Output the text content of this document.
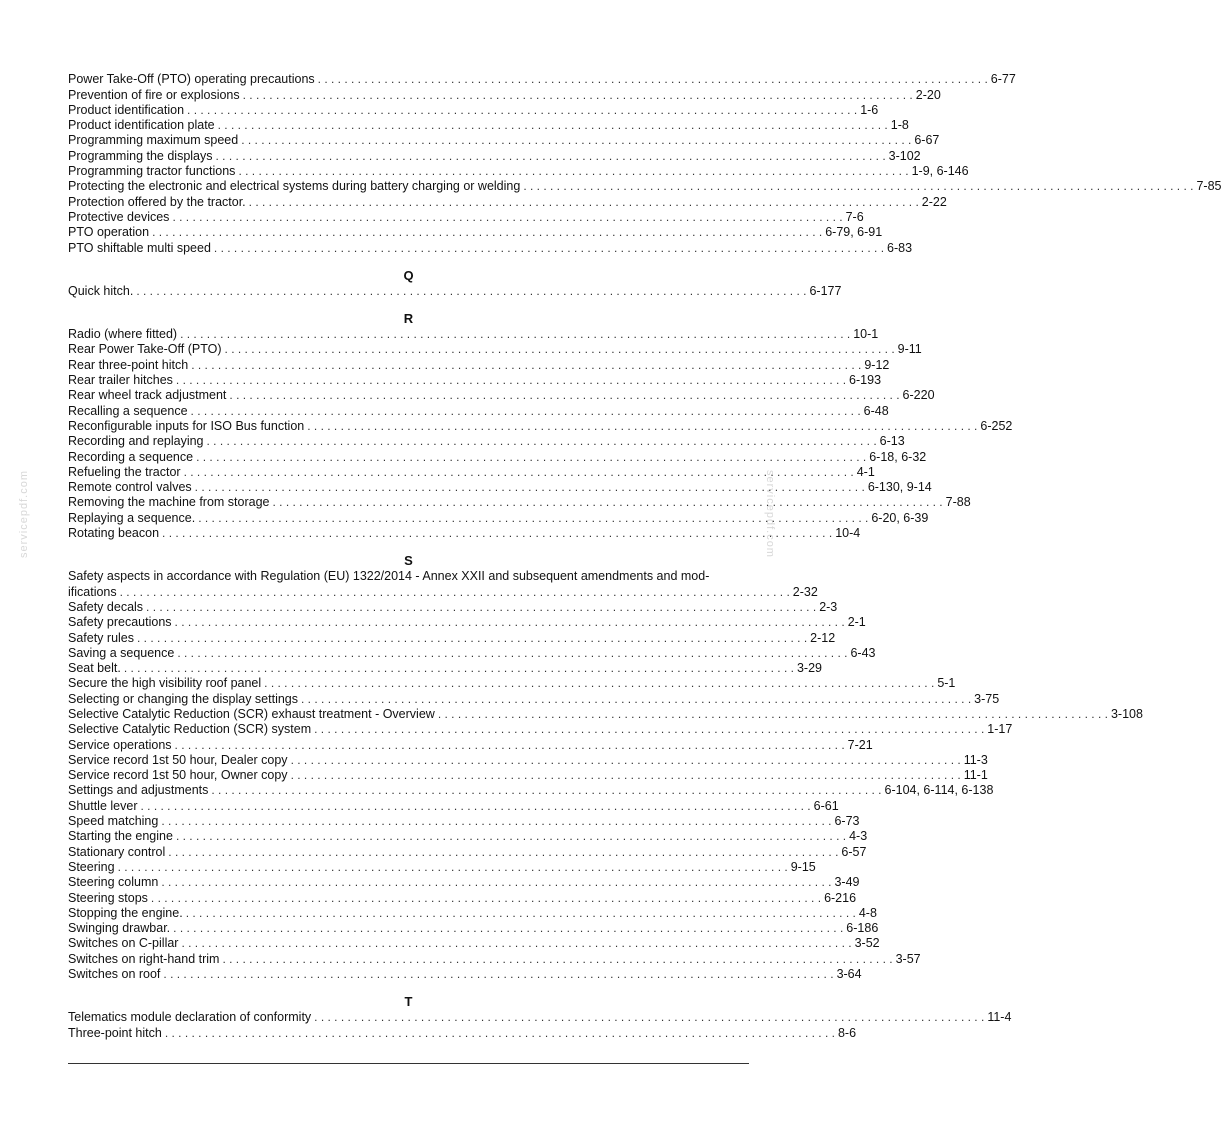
servicepdf.com	servicepdf.com
Power Take-Off (PTO) operating precautions . . . . . . . . . . . . . . . . . . . . . . . . . . . . . . . . . . . . . . . . . . . . . . . . . . . . . . . . . . . . . . . . . . . . . . . . . . . . . . . . . . . . . . . . . . . . . . . . . . . . . 6-77
Prevention of fire or explosions . . . . . . . . . . . . . . . . . . . . . . . . . . . . . . . . . . . . . . . . . . . . . . . . . . . . . . . . . . . . . . . . . . . . . . . . . . . . . . . . . . . . . . . . . . . . . . . . . . . . . 2-20
Product identification . . . . . . . . . . . . . . . . . . . . . . . . . . . . . . . . . . . . . . . . . . . . . . . . . . . . . . . . . . . . . . . . . . . . . . . . . . . . . . . . . . . . . . . . . . . . . . . . . . . . . 1-6
Product identification plate . . . . . . . . . . . . . . . . . . . . . . . . . . . . . . . . . . . . . . . . . . . . . . . . . . . . . . . . . . . . . . . . . . . . . . . . . . . . . . . . . . . . . . . . . . . . . . . . . . . . . 1-8
Programming maximum speed . . . . . . . . . . . . . . . . . . . . . . . . . . . . . . . . . . . . . . . . . . . . . . . . . . . . . . . . . . . . . . . . . . . . . . . . . . . . . . . . . . . . . . . . . . . . . . . . . . . . . 6-67
Programming the displays . . . . . . . . . . . . . . . . . . . . . . . . . . . . . . . . . . . . . . . . . . . . . . . . . . . . . . . . . . . . . . . . . . . . . . . . . . . . . . . . . . . . . . . . . . . . . . . . . . . . . 3-102
Programming tractor functions . . . . . . . . . . . . . . . . . . . . . . . . . . . . . . . . . . . . . . . . . . . . . . . . . . . . . . . . . . . . . . . . . . . . . . . . . . . . . . . . . . . . . . . . . . . . . . . . . . . . . 1-9, 6-146
Protecting the electronic and electrical systems during battery charging or welding . . . . . . . . . . . . . . . . . . . . . . . . . . . . . . . . . . . . . . . . . . . . . . . . . . . . . . . . . . . . . . . . . . . . . . . . . . . . . . . . . . . . . . . . . . . . . . . . . . . . . 7-85
Protection offered by the tractor. . . . . . . . . . . . . . . . . . . . . . . . . . . . . . . . . . . . . . . . . . . . . . . . . . . . . . . . . . . . . . . . . . . . . . . . . . . . . . . . . . . . . . . . . . . . . . . . . . . . . . 2-22
Protective devices . . . . . . . . . . . . . . . . . . . . . . . . . . . . . . . . . . . . . . . . . . . . . . . . . . . . . . . . . . . . . . . . . . . . . . . . . . . . . . . . . . . . . . . . . . . . . . . . . . . . . 7-6
PTO operation . . . . . . . . . . . . . . . . . . . . . . . . . . . . . . . . . . . . . . . . . . . . . . . . . . . . . . . . . . . . . . . . . . . . . . . . . . . . . . . . . . . . . . . . . . . . . . . . . . . . . 6-79, 6-91
PTO shiftable multi speed . . . . . . . . . . . . . . . . . . . . . . . . . . . . . . . . . . . . . . . . . . . . . . . . . . . . . . . . . . . . . . . . . . . . . . . . . . . . . . . . . . . . . . . . . . . . . . . . . . . . . 6-83
Q
Quick hitch. . . . . . . . . . . . . . . . . . . . . . . . . . . . . . . . . . . . . . . . . . . . . . . . . . . . . . . . . . . . . . . . . . . . . . . . . . . . . . . . . . . . . . . . . . . . . . . . . . . . . . 6-177
R
Radio (where fitted) . . . . . . . . . . . . . . . . . . . . . . . . . . . . . . . . . . . . . . . . . . . . . . . . . . . . . . . . . . . . . . . . . . . . . . . . . . . . . . . . . . . . . . . . . . . . . . . . . . . . . 10-1
Rear Power Take-Off (PTO) . . . . . . . . . . . . . . . . . . . . . . . . . . . . . . . . . . . . . . . . . . . . . . . . . . . . . . . . . . . . . . . . . . . . . . . . . . . . . . . . . . . . . . . . . . . . . . . . . . . . . 9-11
Rear three-point hitch . . . . . . . . . . . . . . . . . . . . . . . . . . . . . . . . . . . . . . . . . . . . . . . . . . . . . . . . . . . . . . . . . . . . . . . . . . . . . . . . . . . . . . . . . . . . . . . . . . . . . 9-12
Rear trailer hitches . . . . . . . . . . . . . . . . . . . . . . . . . . . . . . . . . . . . . . . . . . . . . . . . . . . . . . . . . . . . . . . . . . . . . . . . . . . . . . . . . . . . . . . . . . . . . . . . . . . . . 6-193
Rear wheel track adjustment . . . . . . . . . . . . . . . . . . . . . . . . . . . . . . . . . . . . . . . . . . . . . . . . . . . . . . . . . . . . . . . . . . . . . . . . . . . . . . . . . . . . . . . . . . . . . . . . . . . . . 6-220
Recalling a sequence . . . . . . . . . . . . . . . . . . . . . . . . . . . . . . . . . . . . . . . . . . . . . . . . . . . . . . . . . . . . . . . . . . . . . . . . . . . . . . . . . . . . . . . . . . . . . . . . . . . . . 6-48
Reconfigurable inputs for ISO Bus function . . . . . . . . . . . . . . . . . . . . . . . . . . . . . . . . . . . . . . . . . . . . . . . . . . . . . . . . . . . . . . . . . . . . . . . . . . . . . . . . . . . . . . . . . . . . . . . . . . . . . 6-252
Recording and replaying . . . . . . . . . . . . . . . . . . . . . . . . . . . . . . . . . . . . . . . . . . . . . . . . . . . . . . . . . . . . . . . . . . . . . . . . . . . . . . . . . . . . . . . . . . . . . . . . . . . . . 6-13
Recording a sequence . . . . . . . . . . . . . . . . . . . . . . . . . . . . . . . . . . . . . . . . . . . . . . . . . . . . . . . . . . . . . . . . . . . . . . . . . . . . . . . . . . . . . . . . . . . . . . . . . . . . . 6-18, 6-32
Refueling the tractor . . . . . . . . . . . . . . . . . . . . . . . . . . . . . . . . . . . . . . . . . . . . . . . . . . . . . . . . . . . . . . . . . . . . . . . . . . . . . . . . . . . . . . . . . . . . . . . . . . . . . 4-1
Remote control valves . . . . . . . . . . . . . . . . . . . . . . . . . . . . . . . . . . . . . . . . . . . . . . . . . . . . . . . . . . . . . . . . . . . . . . . . . . . . . . . . . . . . . . . . . . . . . . . . . . . . . 6-130, 9-14
Removing the machine from storage . . . . . . . . . . . . . . . . . . . . . . . . . . . . . . . . . . . . . . . . . . . . . . . . . . . . . . . . . . . . . . . . . . . . . . . . . . . . . . . . . . . . . . . . . . . . . . . . . . . . . 7-88
Replaying a sequence. . . . . . . . . . . . . . . . . . . . . . . . . . . . . . . . . . . . . . . . . . . . . . . . . . . . . . . . . . . . . . . . . . . . . . . . . . . . . . . . . . . . . . . . . . . . . . . . . . . . . . 6-20, 6-39
Rotating beacon . . . . . . . . . . . . . . . . . . . . . . . . . . . . . . . . . . . . . . . . . . . . . . . . . . . . . . . . . . . . . . . . . . . . . . . . . . . . . . . . . . . . . . . . . . . . . . . . . . . . . 10-4
S
Safety aspects in accordance with Regulation (EU) 1322/2014 - Annex XXII and subsequent amendments and mod-
ifications . . . . . . . . . . . . . . . . . . . . . . . . . . . . . . . . . . . . . . . . . . . . . . . . . . . . . . . . . . . . . . . . . . . . . . . . . . . . . . . . . . . . . . . . . . . . . . . . . . . . . 2-32
Safety decals . . . . . . . . . . . . . . . . . . . . . . . . . . . . . . . . . . . . . . . . . . . . . . . . . . . . . . . . . . . . . . . . . . . . . . . . . . . . . . . . . . . . . . . . . . . . . . . . . . . . . 2-3
Safety precautions . . . . . . . . . . . . . . . . . . . . . . . . . . . . . . . . . . . . . . . . . . . . . . . . . . . . . . . . . . . . . . . . . . . . . . . . . . . . . . . . . . . . . . . . . . . . . . . . . . . . . 2-1
Safety rules . . . . . . . . . . . . . . . . . . . . . . . . . . . . . . . . . . . . . . . . . . . . . . . . . . . . . . . . . . . . . . . . . . . . . . . . . . . . . . . . . . . . . . . . . . . . . . . . . . . . . 2-12
Saving a sequence . . . . . . . . . . . . . . . . . . . . . . . . . . . . . . . . . . . . . . . . . . . . . . . . . . . . . . . . . . . . . . . . . . . . . . . . . . . . . . . . . . . . . . . . . . . . . . . . . . . . . 6-43
Seat belt. . . . . . . . . . . . . . . . . . . . . . . . . . . . . . . . . . . . . . . . . . . . . . . . . . . . . . . . . . . . . . . . . . . . . . . . . . . . . . . . . . . . . . . . . . . . . . . . . . . . . . 3-29
Secure the high visibility roof panel . . . . . . . . . . . . . . . . . . . . . . . . . . . . . . . . . . . . . . . . . . . . . . . . . . . . . . . . . . . . . . . . . . . . . . . . . . . . . . . . . . . . . . . . . . . . . . . . . . . . . 5-1
Selecting or changing the display settings . . . . . . . . . . . . . . . . . . . . . . . . . . . . . . . . . . . . . . . . . . . . . . . . . . . . . . . . . . . . . . . . . . . . . . . . . . . . . . . . . . . . . . . . . . . . . . . . . . . . . 3-75
Selective Catalytic Reduction (SCR) exhaust treatment - Overview . . . . . . . . . . . . . . . . . . . . . . . . . . . . . . . . . . . . . . . . . . . . . . . . . . . . . . . . . . . . . . . . . . . . . . . . . . . . . . . . . . . . . . . . . . . . . . . . . . . . . 3-108
Selective Catalytic Reduction (SCR) system . . . . . . . . . . . . . . . . . . . . . . . . . . . . . . . . . . . . . . . . . . . . . . . . . . . . . . . . . . . . . . . . . . . . . . . . . . . . . . . . . . . . . . . . . . . . . . . . . . . . . 1-17
Service operations . . . . . . . . . . . . . . . . . . . . . . . . . . . . . . . . . . . . . . . . . . . . . . . . . . . . . . . . . . . . . . . . . . . . . . . . . . . . . . . . . . . . . . . . . . . . . . . . . . . . . 7-21
Service record 1st 50 hour, Dealer copy . . . . . . . . . . . . . . . . . . . . . . . . . . . . . . . . . . . . . . . . . . . . . . . . . . . . . . . . . . . . . . . . . . . . . . . . . . . . . . . . . . . . . . . . . . . . . . . . . . . . . 11-3
Service record 1st 50 hour, Owner copy . . . . . . . . . . . . . . . . . . . . . . . . . . . . . . . . . . . . . . . . . . . . . . . . . . . . . . . . . . . . . . . . . . . . . . . . . . . . . . . . . . . . . . . . . . . . . . . . . . . . . 11-1
Settings and adjustments . . . . . . . . . . . . . . . . . . . . . . . . . . . . . . . . . . . . . . . . . . . . . . . . . . . . . . . . . . . . . . . . . . . . . . . . . . . . . . . . . . . . . . . . . . . . . . . . . . . . . 6-104, 6-114, 6-138
Shuttle lever . . . . . . . . . . . . . . . . . . . . . . . . . . . . . . . . . . . . . . . . . . . . . . . . . . . . . . . . . . . . . . . . . . . . . . . . . . . . . . . . . . . . . . . . . . . . . . . . . . . . . 6-61
Speed matching . . . . . . . . . . . . . . . . . . . . . . . . . . . . . . . . . . . . . . . . . . . . . . . . . . . . . . . . . . . . . . . . . . . . . . . . . . . . . . . . . . . . . . . . . . . . . . . . . . . . . 6-73
Starting the engine . . . . . . . . . . . . . . . . . . . . . . . . . . . . . . . . . . . . . . . . . . . . . . . . . . . . . . . . . . . . . . . . . . . . . . . . . . . . . . . . . . . . . . . . . . . . . . . . . . . . . 4-3
Stationary control . . . . . . . . . . . . . . . . . . . . . . . . . . . . . . . . . . . . . . . . . . . . . . . . . . . . . . . . . . . . . . . . . . . . . . . . . . . . . . . . . . . . . . . . . . . . . . . . . . . . . 6-57
Steering . . . . . . . . . . . . . . . . . . . . . . . . . . . . . . . . . . . . . . . . . . . . . . . . . . . . . . . . . . . . . . . . . . . . . . . . . . . . . . . . . . . . . . . . . . . . . . . . . . . . . 9-15
Steering column . . . . . . . . . . . . . . . . . . . . . . . . . . . . . . . . . . . . . . . . . . . . . . . . . . . . . . . . . . . . . . . . . . . . . . . . . . . . . . . . . . . . . . . . . . . . . . . . . . . . . 3-49
Steering stops . . . . . . . . . . . . . . . . . . . . . . . . . . . . . . . . . . . . . . . . . . . . . . . . . . . . . . . . . . . . . . . . . . . . . . . . . . . . . . . . . . . . . . . . . . . . . . . . . . . . . 6-216
Stopping the engine. . . . . . . . . . . . . . . . . . . . . . . . . . . . . . . . . . . . . . . . . . . . . . . . . . . . . . . . . . . . . . . . . . . . . . . . . . . . . . . . . . . . . . . . . . . . . . . . . . . . . . 4-8
Swinging drawbar. . . . . . . . . . . . . . . . . . . . . . . . . . . . . . . . . . . . . . . . . . . . . . . . . . . . . . . . . . . . . . . . . . . . . . . . . . . . . . . . . . . . . . . . . . . . . . . . . . . . . . 6-186
Switches on C-pillar . . . . . . . . . . . . . . . . . . . . . . . . . . . . . . . . . . . . . . . . . . . . . . . . . . . . . . . . . . . . . . . . . . . . . . . . . . . . . . . . . . . . . . . . . . . . . . . . . . . . . 3-52
Switches on right-hand trim . . . . . . . . . . . . . . . . . . . . . . . . . . . . . . . . . . . . . . . . . . . . . . . . . . . . . . . . . . . . . . . . . . . . . . . . . . . . . . . . . . . . . . . . . . . . . . . . . . . . . 3-57
Switches on roof . . . . . . . . . . . . . . . . . . . . . . . . . . . . . . . . . . . . . . . . . . . . . . . . . . . . . . . . . . . . . . . . . . . . . . . . . . . . . . . . . . . . . . . . . . . . . . . . . . . . . 3-64
T
Telematics module declaration of conformity . . . . . . . . . . . . . . . . . . . . . . . . . . . . . . . . . . . . . . . . . . . . . . . . . . . . . . . . . . . . . . . . . . . . . . . . . . . . . . . . . . . . . . . . . . . . . . . . . . . . . 11-4
Three-point hitch . . . . . . . . . . . . . . . . . . . . . . . . . . . . . . . . . . . . . . . . . . . . . . . . . . . . . . . . . . . . . . . . . . . . . . . . . . . . . . . . . . . . . . . . . . . . . . . . . . . . . 8-6
